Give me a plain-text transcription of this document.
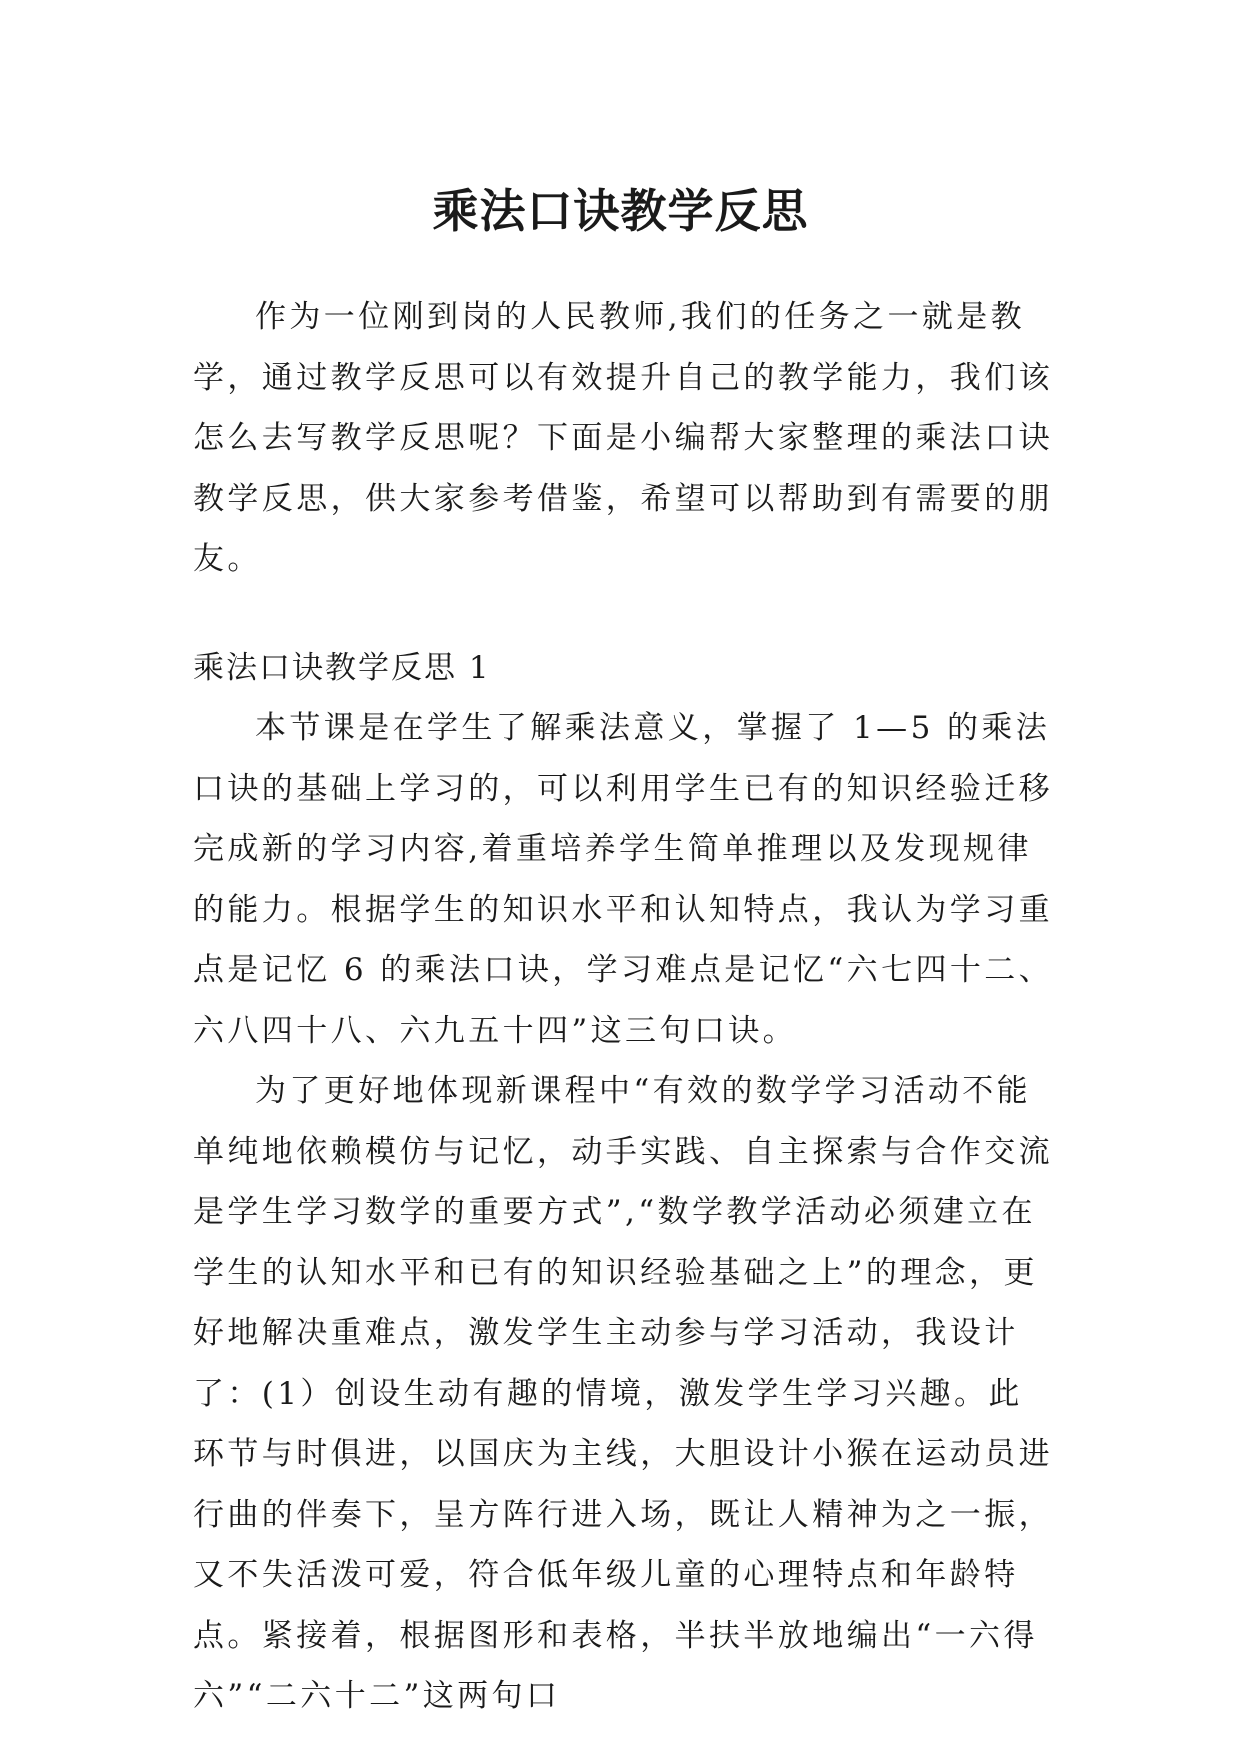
乘法口诀教学反思

作为一位刚到岗的人民教师,我们的任务之一就是教学，通过教学反思可以有效提升自己的教学能力，我们该怎么去写教学反思呢？下面是小编帮大家整理的乘法口诀教学反思，供大家参考借鉴，希望可以帮助到有需要的朋友。

乘法口诀教学反思 1

本节课是在学生了解乘法意义，掌握了 1—5 的乘法口诀的基础上学习的，可以利用学生已有的知识经验迁移完成新的学习内容,着重培养学生简单推理以及发现规律的能力。根据学生的知识水平和认知特点，我认为学习重点是记忆 6 的乘法口诀，学习难点是记忆“六七四十二、六八四十八、六九五十四”这三句口诀。

为了更好地体现新课程中“有效的数学学习活动不能单纯地依赖模仿与记忆，动手实践、自主探索与合作交流是学生学习数学的重要方式”,“数学教学活动必须建立在学生的认知水平和已有的知识经验基础之上”的理念，更好地解决重难点，激发学生主动参与学习活动，我设计了：(1）创设生动有趣的情境，激发学生学习兴趣。此环节与时俱进，以国庆为主线，大胆设计小猴在运动员进行曲的伴奏下，呈方阵行进入场，既让人精神为之一振，又不失活泼可爱，符合低年级儿童的心理特点和年龄特点。紧接着，根据图形和表格，半扶半放地编出“一六得六”“二六十二”这两句口
